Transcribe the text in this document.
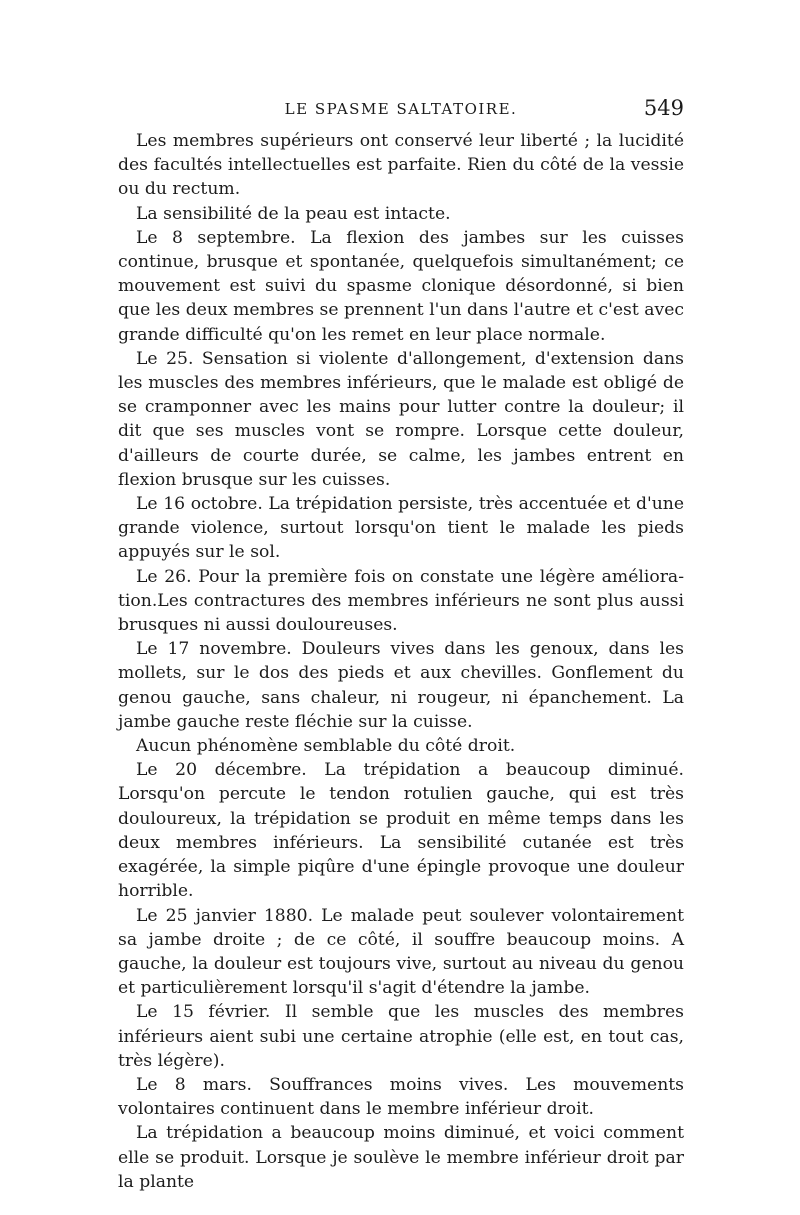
LE SPASME SALTATOIRE.	549

Les membres supérieurs ont conservé leur liberté ; la lucidité des facultés intellectuelles est parfaite. Rien du côté de la vessie ou du rectum.

La sensibilité de la peau est intacte.

Le 8 septembre. La flexion des jambes sur les cuisses continue, brusque et spontanée, quelquefois simultanément; ce mouvement est suivi du spasme clonique désordonné, si bien que les deux membres se prennent l'un dans l'autre et c'est avec grande difficulté qu'on les remet en leur place normale.

Le 25. Sensation si violente d'allongement, d'extension dans les muscles des membres inférieurs, que le malade est obligé de se cramponner avec les mains pour lutter contre la douleur; il dit que ses muscles vont se rompre. Lorsque cette douleur, d'ailleurs de courte durée, se calme, les jambes entrent en flexion brusque sur les cuisses.

Le 16 octobre. La trépidation persiste, très accentuée et d'une grande violence, surtout lorsqu'on tient le malade les pieds appuyés sur le sol.

Le 26. Pour la première fois on constate une légère amélioration.Les contractures des membres inférieurs ne sont plus aussi brusques ni aussi douloureuses.

Le 17 novembre. Douleurs vives dans les genoux, dans les mollets, sur le dos des pieds et aux chevilles. Gonflement du genou gauche, sans chaleur, ni rougeur, ni épanchement. La jambe gauche reste fléchie sur la cuisse.

Aucun phénomène semblable du côté droit.

Le 20 décembre. La trépidation a beaucoup diminué. Lorsqu'on percute le tendon rotulien gauche, qui est très douloureux, la trépidation se produit en même temps dans les deux membres inférieurs. La sensibilité cutanée est très exagérée, la simple piqûre d'une épingle provoque une douleur horrible.

Le 25 janvier 1880. Le malade peut soulever volontairement sa jambe droite ; de ce côté, il souffre beaucoup moins. A gauche, la douleur est toujours vive, surtout au niveau du genou et particulièrement lorsqu'il s'agit d'étendre la jambe.

Le 15 février. Il semble que les muscles des membres inférieurs aient subi une certaine atrophie (elle est, en tout cas, très légère).

Le 8 mars. Souffrances moins vives. Les mouvements volontaires continuent dans le membre inférieur droit.

La trépidation a beaucoup moins diminué, et voici comment elle se produit. Lorsque je soulève le membre inférieur droit par la plante
